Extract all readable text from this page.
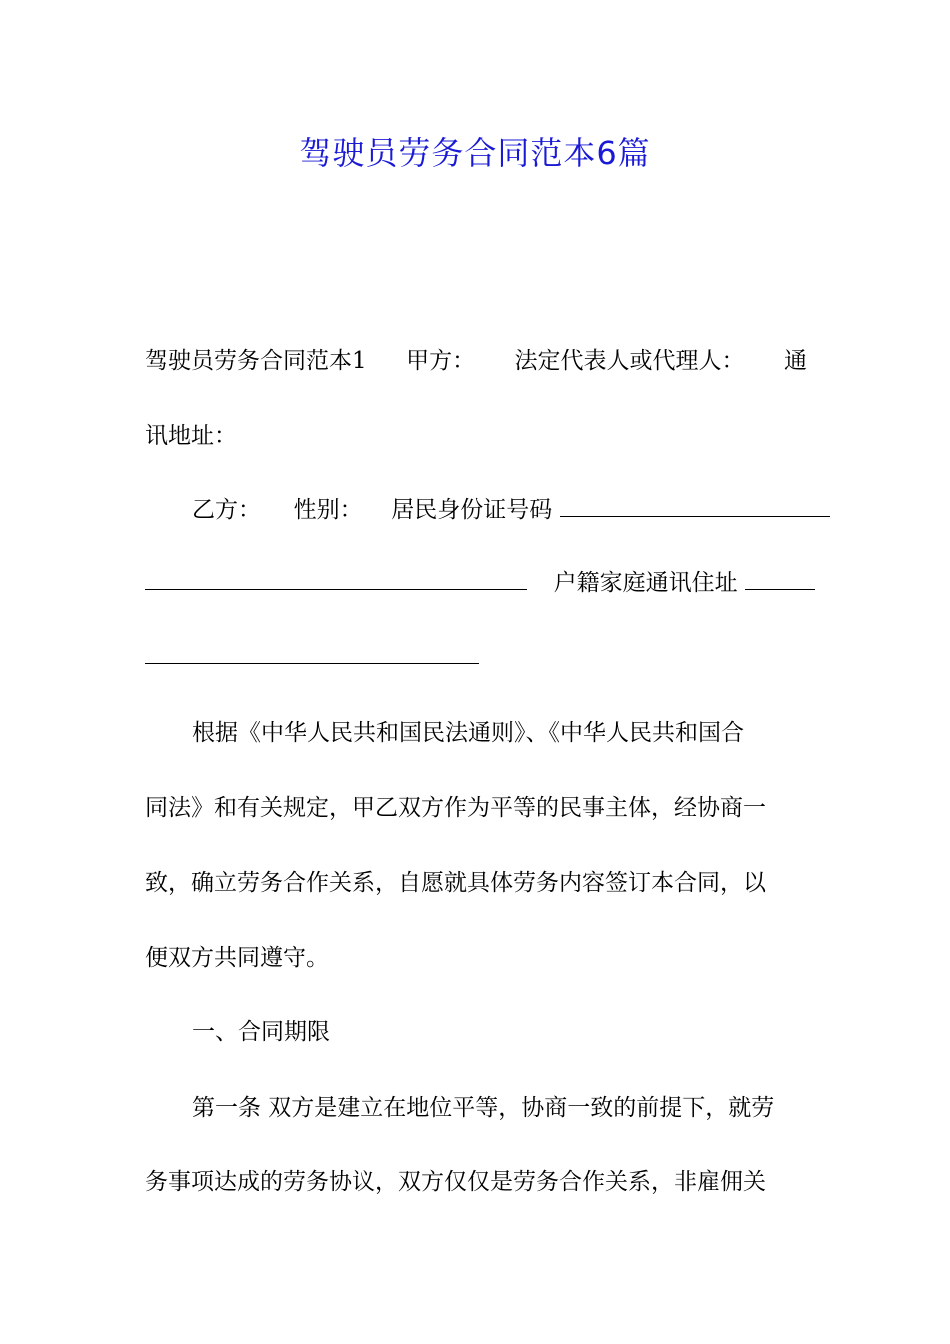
驾驶员劳务合同范本6篇
驾驶员劳务合同范本1 甲方： 法定代表人或代理人： 通
讯地址：
乙方： 性别： 居民身份证号码
户籍家庭通讯住址
根据《中华人民共和国民法通则》、《中华人民共和国合
同法》和有关规定，甲乙双方作为平等的民事主体，经协商一
致，确立劳务合作关系，自愿就具体劳务内容签订本合同，以
便双方共同遵守。
一、合同期限
第一条 双方是建立在地位平等，协商一致的前提下，就劳
务事项达成的劳务协议，双方仅仅是劳务合作关系，非雇佣关
